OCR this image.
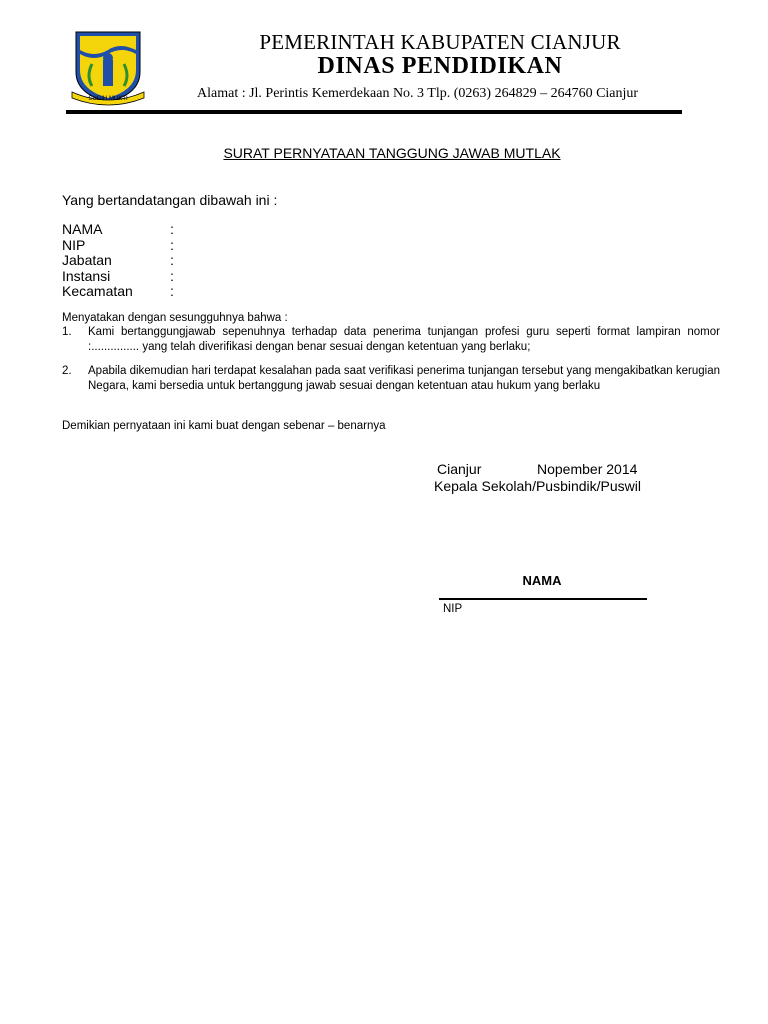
SUGIH MUKTI
PEMERINTAH KABUPATEN CIANJUR
DINAS PENDIDIKAN
Alamat : Jl. Perintis Kemerdekaan No. 3 Tlp. (0263) 264829 – 264760 Cianjur
SURAT PERNYATAAN TANGGUNG JAWAB MUTLAK
Yang bertandatangan dibawah ini :
NAMA	:
NIP	:
Jabatan	:
Instansi	:
Kecamatan	:
Menyatakan dengan sesungguhnya bahwa :
1. Kami bertanggungjawab sepenuhnya terhadap data penerima tunjangan profesi guru seperti format lampiran nomor :............... yang telah diverifikasi dengan benar sesuai dengan ketentuan yang berlaku;
2. Apabila dikemudian hari terdapat kesalahan pada saat verifikasi penerima tunjangan tersebut yang mengakibatkan kerugian Negara, kami bersedia untuk bertanggung jawab sesuai dengan ketentuan atau hukum yang berlaku
Demikian pernyataan ini kami buat dengan sebenar – benarnya
Cianjur	Nopember 2014
Kepala Sekolah/Pusbindik/Puswil
NAMA
NIP
